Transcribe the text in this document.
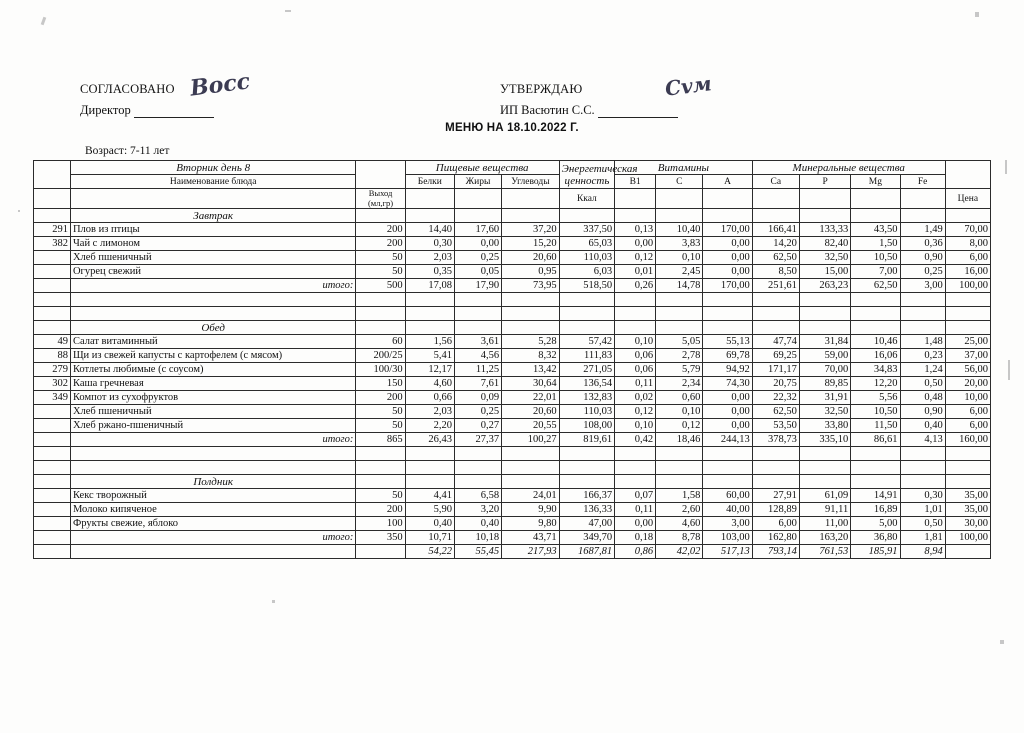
СОГЛАСОВАНО
Директор
Восс	УТВЕРЖДАЮ
ИП Васютин С.С.
Сvм
МЕНЮ НА 18.10.2022 Г.
Возраст: 7-11 лет
	Вторник день 8		Пищевые вещества			Энергетическая ценность	Витамины			Минеральные вещества				
	Наименование блюда		Белки	Жиры	Углеводы		В1	С	А	Ca	P	Mg	Fe	
		Выход (мл,гр)				Ккал								Цена
	Завтрак													
291	Плов из птицы	200	14,40	17,60	37,20	337,50	0,13	10,40	170,00	166,41	133,33	43,50	1,49	70,00
382	Чай с лимоном	200	0,30	0,00	15,20	65,03	0,00	3,83	0,00	14,20	82,40	1,50	0,36	8,00
	Хлеб пшеничный	50	2,03	0,25	20,60	110,03	0,12	0,10	0,00	62,50	32,50	10,50	0,90	6,00
	Огурец свежий	50	0,35	0,05	0,95	6,03	0,01	2,45	0,00	8,50	15,00	7,00	0,25	16,00
	итого:	500	17,08	17,90	73,95	518,50	0,26	14,78	170,00	251,61	263,23	62,50	3,00	100,00

	Обед													
49	Салат витаминный	60	1,56	3,61	5,28	57,42	0,10	5,05	55,13	47,74	31,84	10,46	1,48	25,00
88	Щи из свежей капусты с картофелем (с мясом)	200/25	5,41	4,56	8,32	111,83	0,06	2,78	69,78	69,25	59,00	16,06	0,23	37,00
279	Котлеты любимые (с соусом)	100/30	12,17	11,25	13,42	271,05	0,06	5,79	94,92	171,17	70,00	34,83	1,24	56,00
302	Каша гречневая	150	4,60	7,61	30,64	136,54	0,11	2,34	74,30	20,75	89,85	12,20	0,50	20,00
349	Компот из сухофруктов	200	0,66	0,09	22,01	132,83	0,02	0,60	0,00	22,32	31,91	5,56	0,48	10,00
	Хлеб пшеничный	50	2,03	0,25	20,60	110,03	0,12	0,10	0,00	62,50	32,50	10,50	0,90	6,00
	Хлеб ржано-пшеничный	50	2,20	0,27	20,55	108,00	0,10	0,12	0,00	53,50	33,80	11,50	0,40	6,00
	итого:	865	26,43	27,37	100,27	819,61	0,42	18,46	244,13	378,73	335,10	86,61	4,13	160,00

	Полдник													
	Кекс творожный	50	4,41	6,58	24,01	166,37	0,07	1,58	60,00	27,91	61,09	14,91	0,30	35,00
	Молоко кипяченое	200	5,90	3,20	9,90	136,33	0,11	2,60	40,00	128,89	91,11	16,89	1,01	35,00
	Фрукты свежие, яблоко	100	0,40	0,40	9,80	47,00	0,00	4,60	3,00	6,00	11,00	5,00	0,50	30,00
	итого:	350	10,71	10,18	43,71	349,70	0,18	8,78	103,00	162,80	163,20	36,80	1,81	100,00
			54,22	55,45	217,93	1687,81	0,86	42,02	517,13	793,14	761,53	185,91	8,94	
